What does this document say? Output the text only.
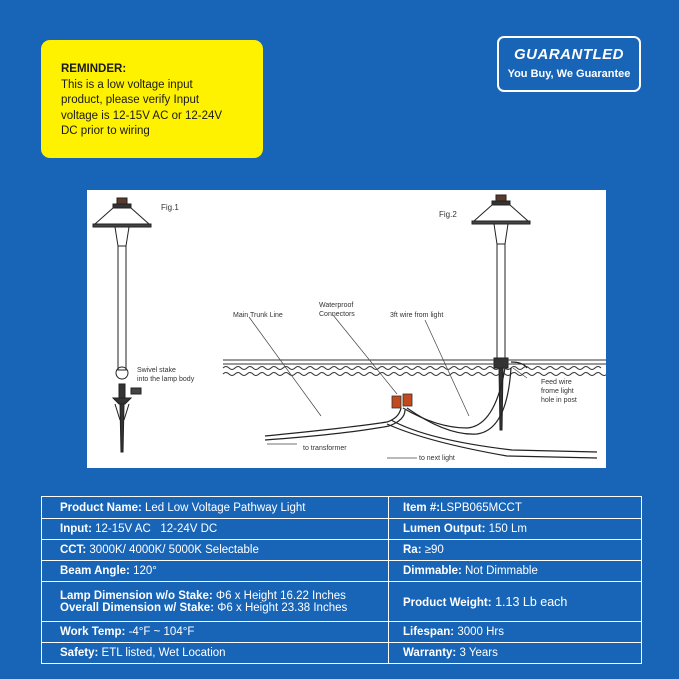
REMINDER:
This is a low voltage input
product, please verify Input
voltage is 12-15V AC or 12-24V
DC prior to wiring
GUARANTLED
You Buy, We Guarantee
Fig.1
Swivel stake
into the lamp body
Fig.2
Main Trunk Line
Waterproof
Connectors	3ft wire from light
Feed wire
frome light
hole in post
to transformer
to next light
Product Name: Led Low Voltage Pathway Light	Item #:LSPB065MCCT
Input: 12-15V AC   12-24V DC	Lumen Output: 150 Lm
CCT: 3000K/ 4000K/ 5000K Selectable	Ra: ≥90
Beam Angle: 120°	Dimmable: Not Dimmable
Lamp Dimension w/o Stake: Φ6 x Height 16.22 Inches
Overall Dimension w/ Stake: Φ6 x Height 23.38 Inches	Product Weight: 1.13 Lb each
Work Temp: -4°F ~ 104°F	Lifespan: 3000 Hrs
Safety: ETL listed, Wet Location	Warranty: 3 Years
